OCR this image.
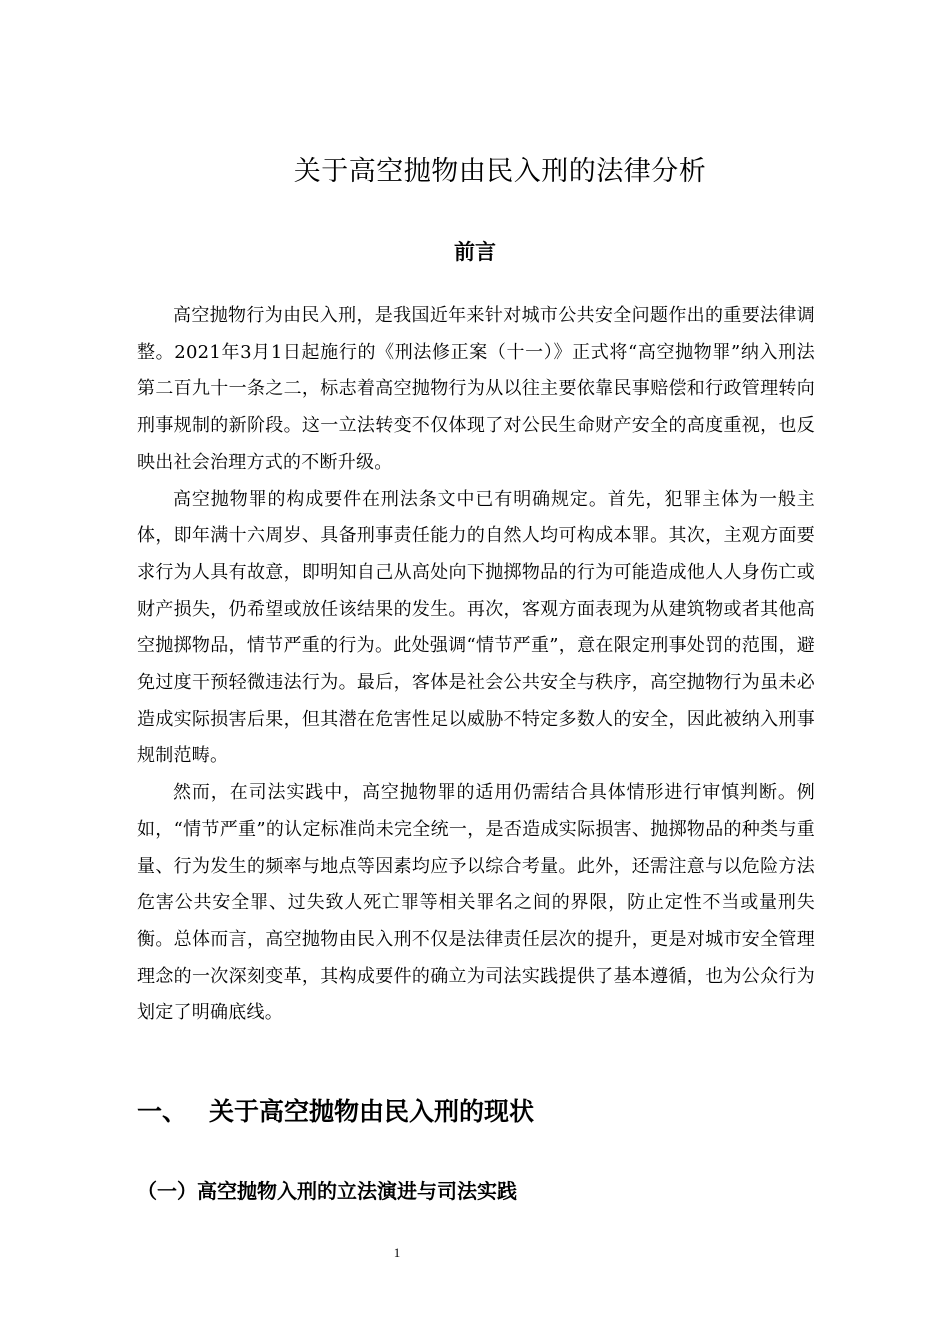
关于高空抛物由民入刑的法律分析
前言

高空抛物行为由民入刑，是我国近年来针对城市公共安全问题作出的重要法律调整。2021年3月1日起施行的《刑法修正案（十一）》正式将“高空抛物罪”纳入刑法第二百九十一条之二，标志着高空抛物行为从以往主要依靠民事赔偿和行政管理转向刑事规制的新阶段。这一立法转变不仅体现了对公民生命财产安全的高度重视，也反映出社会治理方式的不断升级。

高空抛物罪的构成要件在刑法条文中已有明确规定。首先，犯罪主体为一般主体，即年满十六周岁、具备刑事责任能力的自然人均可构成本罪。其次，主观方面要求行为人具有故意，即明知自己从高处向下抛掷物品的行为可能造成他人人身伤亡或财产损失，仍希望或放任该结果的发生。再次，客观方面表现为从建筑物或者其他高空抛掷物品，情节严重的行为。此处强调“情节严重”，意在限定刑事处罚的范围，避免过度干预轻微违法行为。最后，客体是社会公共安全与秩序，高空抛物行为虽未必造成实际损害后果，但其潜在危害性足以威胁不特定多数人的安全，因此被纳入刑事规制范畴。

然而，在司法实践中，高空抛物罪的适用仍需结合具体情形进行审慎判断。例如，“情节严重”的认定标准尚未完全统一，是否造成实际损害、抛掷物品的种类与重量、行为发生的频率与地点等因素均应予以综合考量。此外，还需注意与以危险方法危害公共安全罪、过失致人死亡罪等相关罪名之间的界限，防止定性不当或量刑失衡。总体而言，高空抛物由民入刑不仅是法律责任层次的提升，更是对城市安全管理理念的一次深刻变革，其构成要件的确立为司法实践提供了基本遵循，也为公众行为划定了明确底线。

一、 关于高空抛物由民入刑的现状
（一）高空抛物入刑的立法演进与司法实践
1
